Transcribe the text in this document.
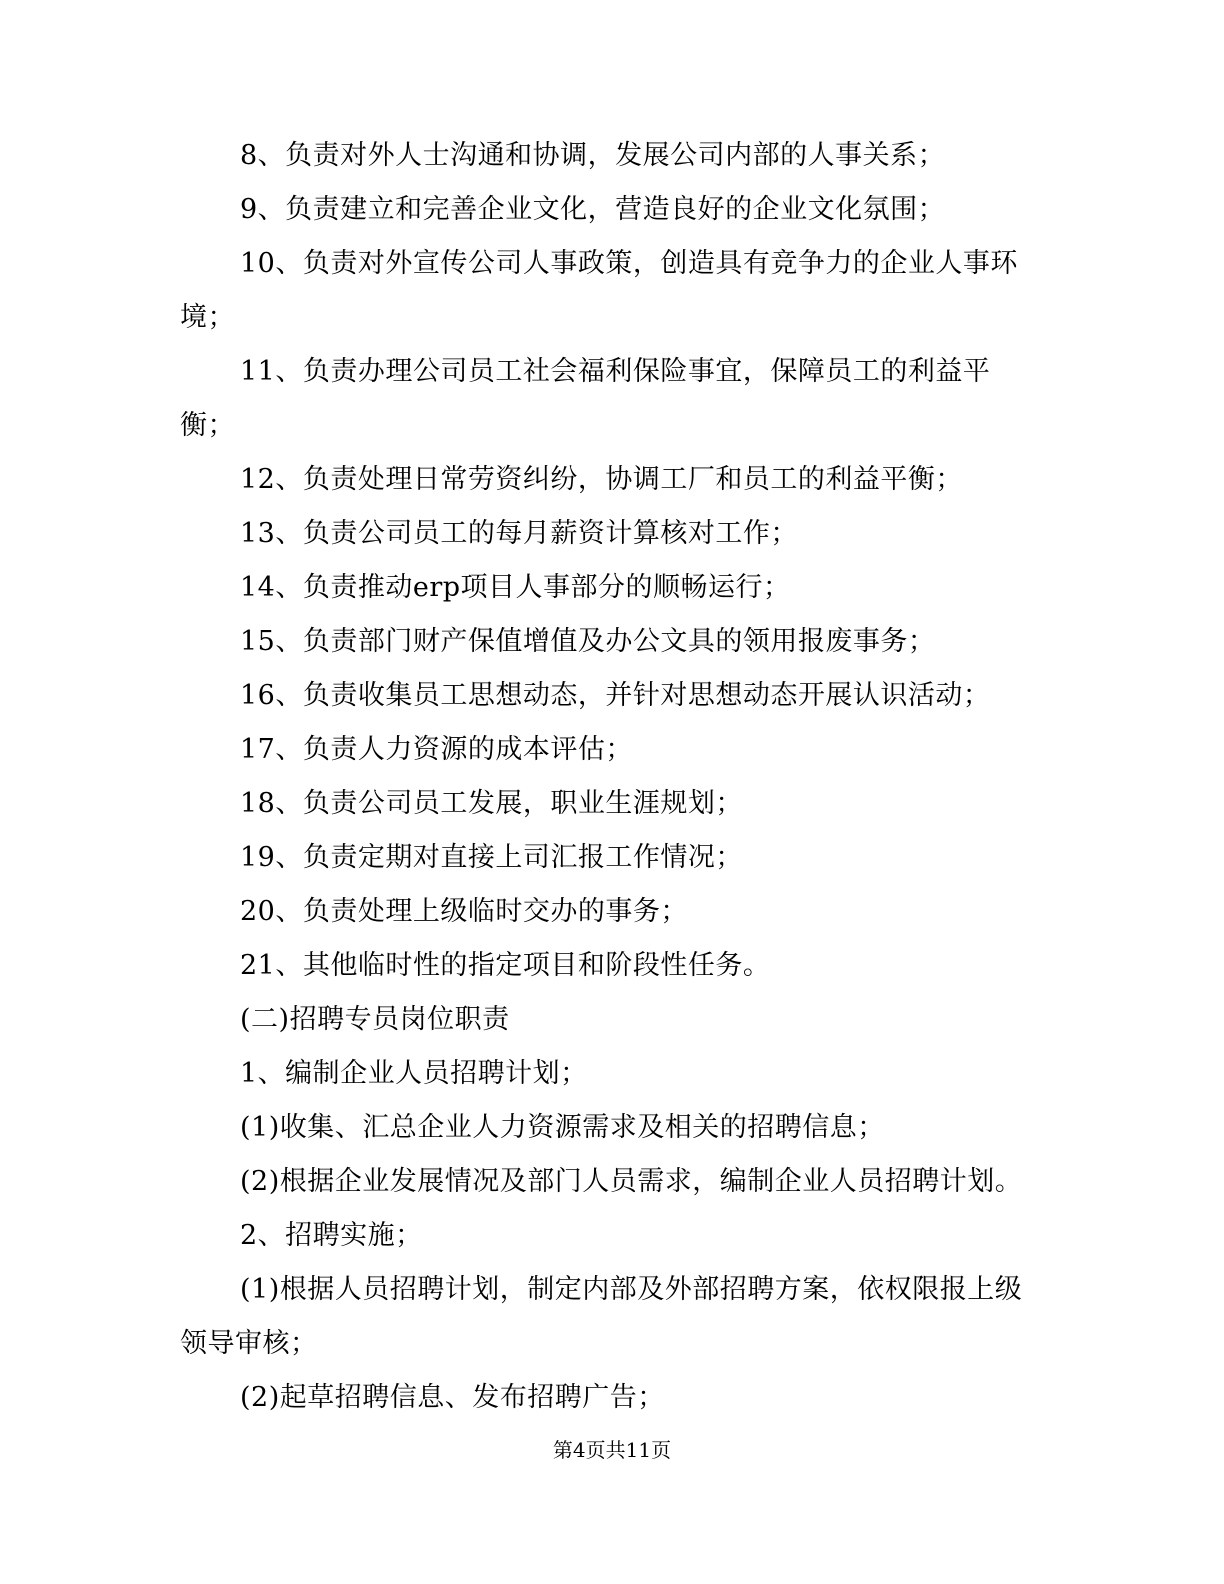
8、负责对外人士沟通和协调，发展公司内部的人事关系；

9、负责建立和完善企业文化，营造良好的企业文化氛围；

10、负责对外宣传公司人事政策，创造具有竞争力的企业人事环境；

11、负责办理公司员工社会福利保险事宜，保障员工的利益平衡；

12、负责处理日常劳资纠纷，协调工厂和员工的利益平衡；

13、负责公司员工的每月薪资计算核对工作；

14、负责推动erp项目人事部分的顺畅运行；

15、负责部门财产保值增值及办公文具的领用报废事务；

16、负责收集员工思想动态，并针对思想动态开展认识活动；

17、负责人力资源的成本评估；

18、负责公司员工发展，职业生涯规划；

19、负责定期对直接上司汇报工作情况；

20、负责处理上级临时交办的事务；

21、其他临时性的指定项目和阶段性任务。

(二)招聘专员岗位职责

1、编制企业人员招聘计划；

(1)收集、汇总企业人力资源需求及相关的招聘信息；

(2)根据企业发展情况及部门人员需求，编制企业人员招聘计划。

2、招聘实施；

(1)根据人员招聘计划，制定内部及外部招聘方案，依权限报上级领导审核；

(2)起草招聘信息、发布招聘广告；

第4页共11页
